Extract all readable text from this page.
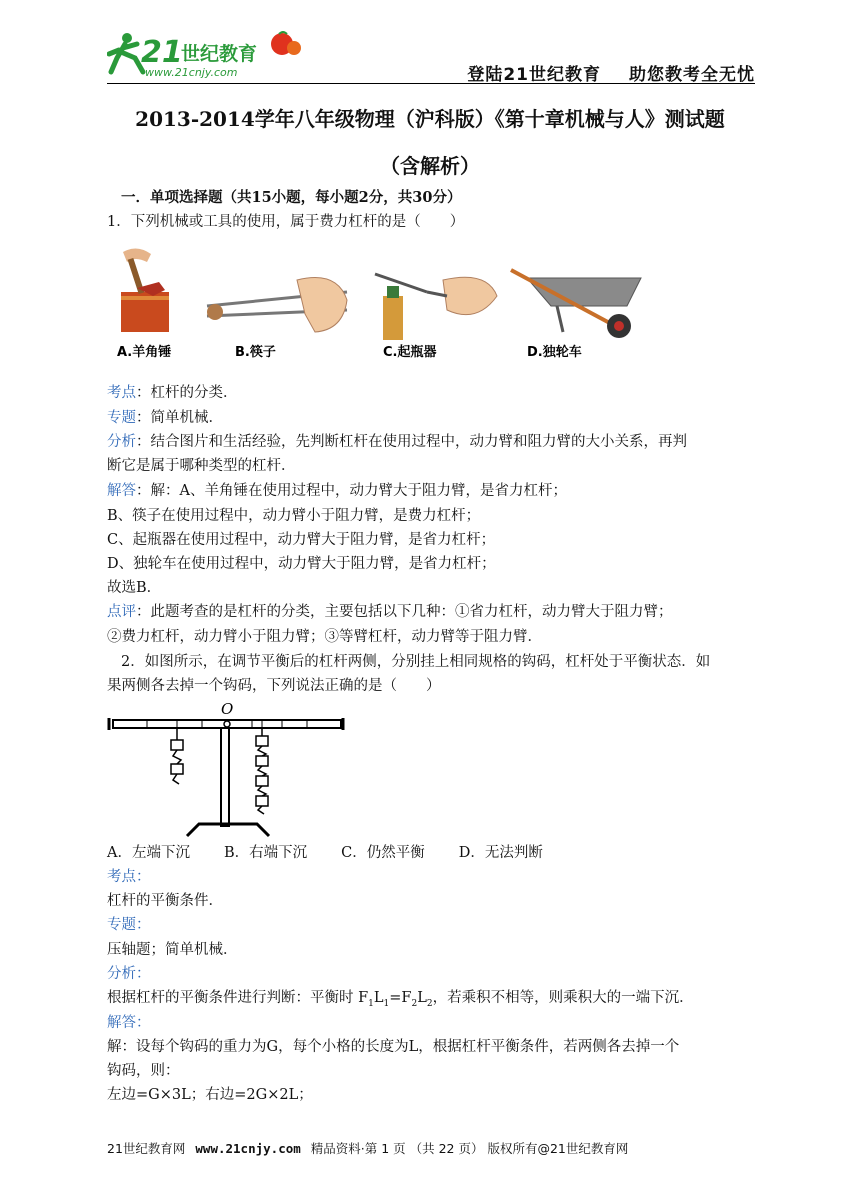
21
世纪教育
www.21cnjy.com	登陆21世纪教育 助您教考全无忧
2013-2014学年八年级物理（沪科版）《第十章机械与人》测试题
（含解析）
一．单项选择题（共15小题，每小题2分，共30分）
1．下列机械或工具的使用，属于费力杠杆的是（　　）
A.羊角锤	B.筷子	C.起瓶器	D.独轮车
考点：杠杆的分类．
专题：简单机械．
分析：结合图片和生活经验，先判断杠杆在使用过程中，动力臂和阻力臂的大小关系，再判
断它是属于哪种类型的杠杆．
解答：解：A、羊角锤在使用过程中，动力臂大于阻力臂，是省力杠杆；
B、筷子在使用过程中，动力臂小于阻力臂，是费力杠杆；
C、起瓶器在使用过程中，动力臂大于阻力臂，是省力杠杆；
D、独轮车在使用过程中，动力臂大于阻力臂，是省力杠杆；
故选B．
点评：此题考查的是杠杆的分类，主要包括以下几种：①省力杠杆，动力臂大于阻力臂；
②费力杠杆，动力臂小于阻力臂；③等臂杠杆，动力臂等于阻力臂．
2．如图所示，在调节平衡后的杠杆两侧，分别挂上相同规格的钩码，杠杆处于平衡状态．如
果两侧各去掉一个钩码，下列说法正确的是（　　）
O
A．左端下沉 B．右端下沉 C．仍然平衡 D．无法判断
考点：
杠杆的平衡条件．
专题：
压轴题；简单机械．
分析：
根据杠杆的平衡条件进行判断：平衡时 $F_1L_1=F_2L_2$，若乘积不相等，则乘积大的一端下沉．
解答：
解：设每个钩码的重力为G，每个小格的长度为L，根据杠杆平衡条件，若两侧各去掉一个
钩码，则：
左边=G×3L；右边=2G×2L；
21世纪教育网 www.21cnjy.com 精品资料·第 1 页 （共 22 页） 版权所有@21世纪教育网
